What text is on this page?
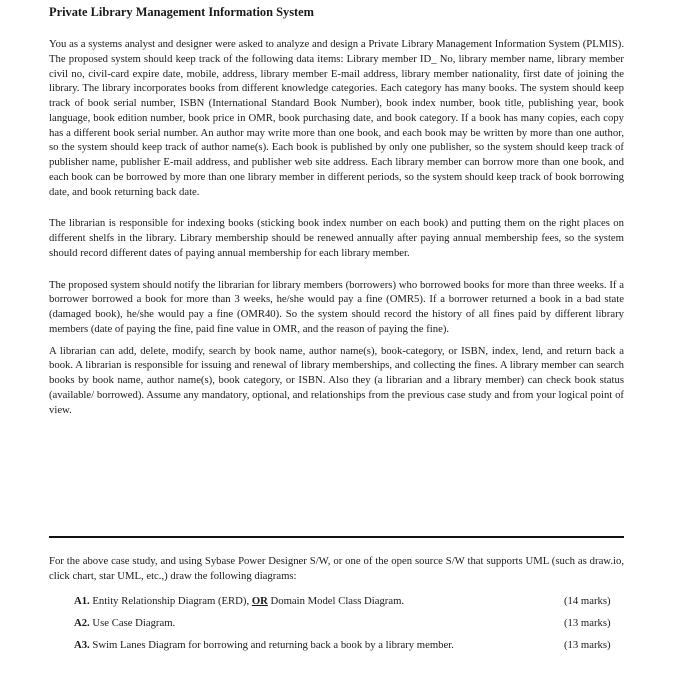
Private Library Management Information System

You as a systems analyst and designer were asked to analyze and design a Private Library Management Information System (PLMIS). The proposed system should keep track of the following data items: Library member ID_ No, library member name, library member civil no, civil-card expire date, mobile, address, library member E-mail address, library member nationality, first date of joining the library. The library incorporates books from different knowledge categories. Each category has many books. The system should keep track of book serial number, ISBN (International Standard Book Number), book index number, book title, publishing year, book language, book edition number, book price in OMR, book purchasing date, and book category. If a book has many copies, each copy has a different book serial number. An author may write more than one book, and each book may be written by more than one author, so the system should keep track of author name(s). Each book is published by only one publisher, so the system should keep track of publisher name, publisher E-mail address, and publisher web site address. Each library member can borrow more than one book, and each book can be borrowed by more than one library member in different periods, so the system should keep track of book borrowing date, and book returning back date.

The librarian is responsible for indexing books (sticking book index number on each book) and putting them on the right places on different shelfs in the library. Library membership should be renewed annually after paying annual membership fees, so the system should record different dates of paying annual membership for each library member.

The proposed system should notify the librarian for library members (borrowers) who borrowed books for more than three weeks. If a borrower borrowed a book for more than 3 weeks, he/she would pay a fine (OMR5). If a borrower returned a book in a bad state (damaged book), he/she would pay a fine (OMR40). So the system should record the history of all fines paid by different library members (date of paying the fine, paid fine value in OMR, and the reason of paying the fine).

A librarian can add, delete, modify, search by book name, author name(s), book-category, or ISBN, index, lend, and return back a book. A librarian is responsible for issuing and renewal of library memberships, and collecting the fines. A library member can search books by book name, author name(s), book category, or ISBN. Also they (a librarian and a library member) can check book status (available/ borrowed). Assume any mandatory, optional, and relationships from the previous case study and from your logical point of view.

For the above case study, and using Sybase Power Designer S/W, or one of the open source S/W that supports UML (such as draw.io, click chart, star UML, etc.,) draw the following diagrams:

A1. Entity Relationship Diagram (ERD), OR Domain Model Class Diagram.	(14 marks)
A2. Use Case Diagram.	(13 marks)
A3. Swim Lanes Diagram for borrowing and returning back a book by a library member.	(13 marks)
